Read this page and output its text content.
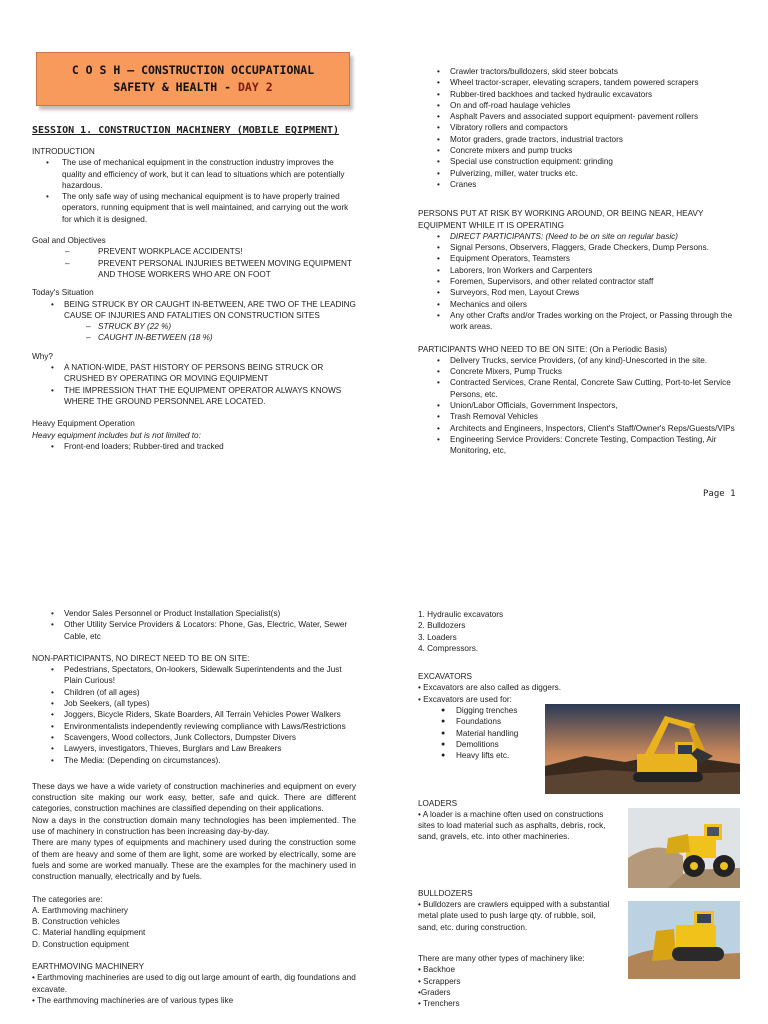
C O S H – CONSTRUCTION OCCUPATIONAL
SAFETY & HEALTH - DAY 2
SESSION 1. CONSTRUCTION MACHINERY (MOBILE EQIPMENT)
INTRODUCTION
• The use of mechanical equipment in the construction industry improves the quality and efficiency of work, but it can lead to situations which are potentially hazardous.
• The only safe way of using mechanical equipment is to have properly trained operators, running equipment that is well maintained, and carrying out the work for which it is designed.
Goal and Objectives
– PREVENT WORKPLACE ACCIDENTS!
– PREVENT PERSONAL INJURIES BETWEEN MOVING EQUIPMENT AND THOSE WORKERS WHO ARE ON FOOT
Today's Situation
• BEING STRUCK BY OR CAUGHT IN-BETWEEN, ARE TWO OF THE LEADING CAUSE OF INJURIES AND FATALITIES ON CONSTRUCTION SITES
– STRUCK BY (22 %)
– CAUGHT IN-BETWEEN (18 %)
Why?
• A NATION-WIDE, PAST HISTORY OF PERSONS BEING STRUCK OR CRUSHED BY OPERATING OR MOVING EQUIPMENT
• THE IMPRESSION THAT THE EQUIPMENT OPERATOR ALWAYS KNOWS WHERE THE GROUND PERSONNEL ARE LOCATED.
Heavy Equipment Operation
Heavy equipment includes but is not limited to:
• Front-end loaders; Rubber-tired and tracked
• Crawler tractors/bulldozers, skid steer bobcats
• Wheel tractor-scraper, elevating scrapers, tandem powered scrapers
• Rubber-tired backhoes and tacked hydraulic excavators
• On and off-road haulage vehicles
• Asphalt Pavers and associated support equipment- pavement rollers
• Vibratory rollers and compactors
• Motor graders, grade tractors, industrial tractors
• Concrete mixers and pump trucks
• Special use construction equipment: grinding
• Pulverizing, miller, water trucks etc.
• Cranes
PERSONS PUT AT RISK BY WORKING AROUND, OR BEING NEAR, HEAVY EQUIPMENT WHILE IT IS OPERATING
• DIRECT PARTICIPANTS: (Need to be on site on regular basic)
• Signal Persons, Observers, Flaggers, Grade Checkers, Dump Persons.
• Equipment Operators, Teamsters
• Laborers, Iron Workers and Carpenters
• Foremen, Supervisors, and other related contractor staff
• Surveyors, Rod men, Layout Crews
• Mechanics and oilers
• Any other Crafts and/or Trades working on the Project, or Passing through the work areas.
PARTICIPANTS WHO NEED TO BE ON SITE: (On a Periodic Basis)
• Delivery Trucks, service Providers, (of any kind)-Unescorted in the site.
• Concrete Mixers, Pump Trucks
• Contracted Services, Crane Rental, Concrete Saw Cutting, Port-to-let Service Persons, etc.
• Union/Labor Officials, Government Inspectors,
• Trash Removal Vehicles
• Architects and Engineers, Inspectors, Client's Staff/Owner's Reps/Guests/VIPs
• Engineering Service Providers: Concrete Testing, Compaction Testing, Air Monitoring, etc,
Page 1
• Vendor Sales Personnel or Product Installation Specialist(s)
• Other Utility Service Providers & Locators: Phone, Gas, Electric, Water, Sewer Cable, etc
NON-PARTICIPANTS, NO DIRECT NEED TO BE ON SITE:
• Pedestrians, Spectators, On-lookers, Sidewalk Superintendents and the Just Plain Curious!
• Children (of all ages)
• Job Seekers, (all types)
• Joggers, Bicycle Riders, Skate Boarders, All Terrain Vehicles Power Walkers
• Environmentalists independently reviewing compliance with Laws/Restrictions
• Scavengers, Wood collectors, Junk Collectors, Dumpster Divers
• Lawyers, investigators, Thieves, Burglars and Law Breakers
• The Media: (Depending on circumstances).
These days we have a wide variety of construction machineries and equipment on every construction site making our work easy, better, safe and quick. There are different categories, construction machines are classified depending on their applications.
Now a days in the construction domain many technologies has been implemented. The use of machinery in construction has been increasing day-by-day.
There are many types of equipments and machinery used during the construction some of them are heavy and some of them are light, some are worked by electrically, some are fuels and some are worked manually. These are the examples for the machinery used in construction manually, electrically and by fuels.
The categories are:
A. Earthmoving machinery
B. Construction vehicles
C. Material handling equipment
D. Construction equipment
EARTHMOVING MACHINERY
• Earthmoving machineries are used to dig out large amount of earth, dig foundations and excavate.
• The earthmoving machineries are of various types like
1. Hydraulic excavators
2. Bulldozers
3. Loaders
4. Compressors.
EXCAVATORS
• Excavators are also called as diggers.
• Excavators are used for:
● Digging trenches
● Foundations
● Material handling
● Demolitions
● Heavy lifts etc.
LOADERS
• A loader is a machine often used on constructions sites to load material such as asphalts, debris, rock, sand, gravels, etc. into other machineries.
BULLDOZERS
• Bulldozers are crawlers equipped with a substantial metal plate used to push large qty. of rubble, soil, sand, etc. during construction.
There are many other types of machinery like:
• Backhoe
• Scrappers
•Graders
• Trenchers
